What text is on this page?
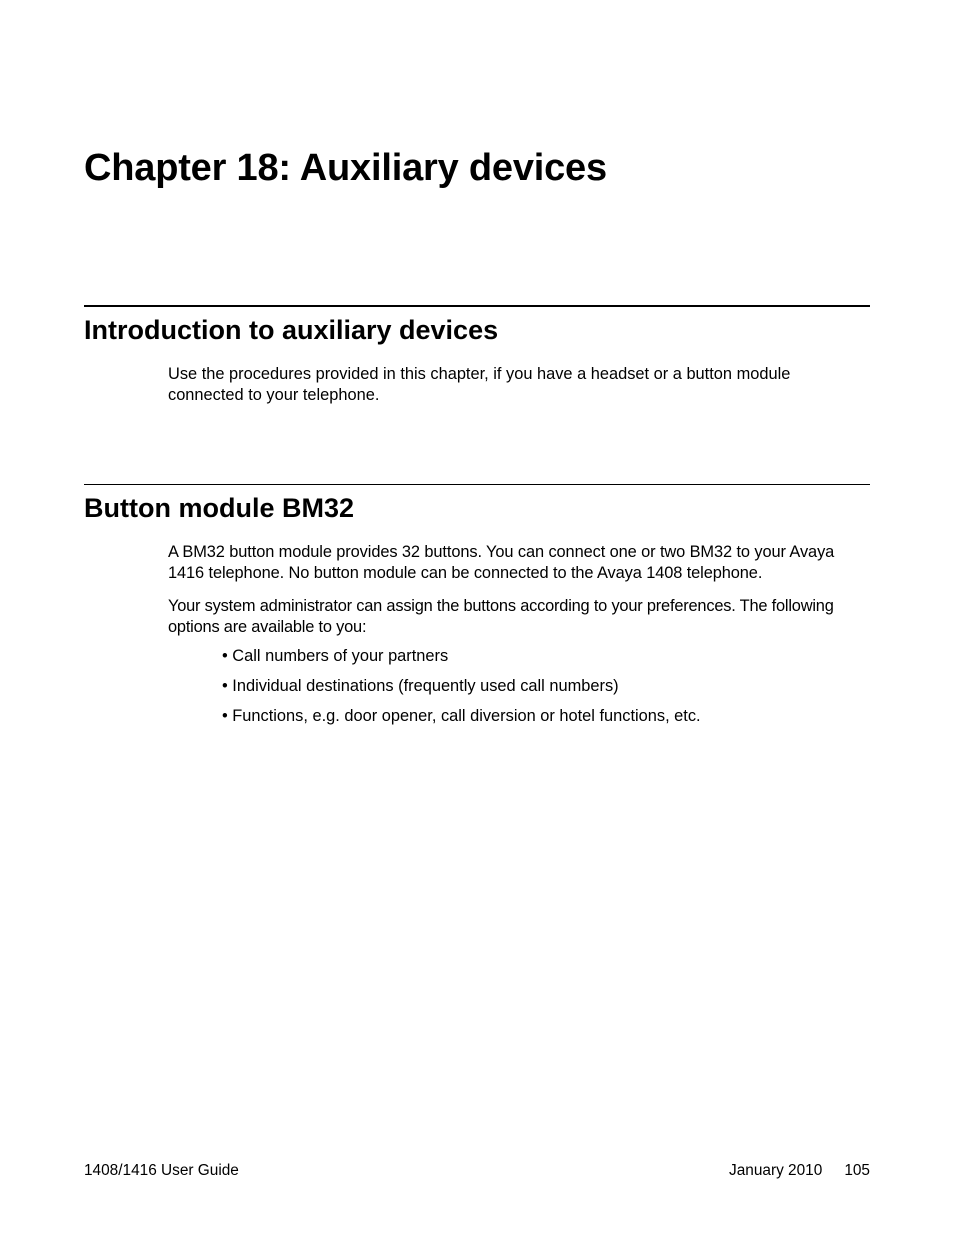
Chapter 18: Auxiliary devices
Introduction to auxiliary devices

Use the procedures provided in this chapter, if you have a headset or a button module connected to your telephone.

Button module BM32

A BM32 button module provides 32 buttons. You can connect one or two BM32 to your Avaya 1416 telephone. No button module can be connected to the Avaya 1408 telephone.

Your system administrator can assign the buttons according to your preferences. The following options are available to you:

• Call numbers of your partners
• Individual destinations (frequently used call numbers)
• Functions, e.g. door opener, call diversion or hotel functions, etc.
1408/1416 User Guide	January 2010 105
